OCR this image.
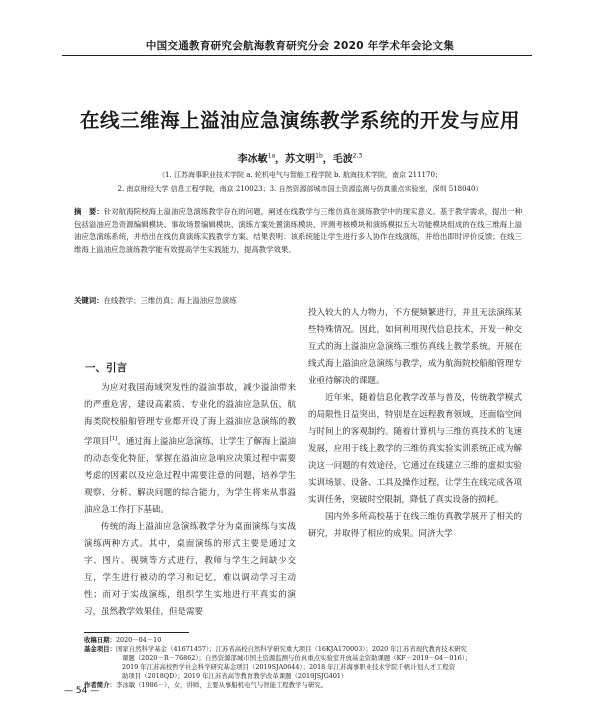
中国交通教育研究会航海教育研究分会 2020 年学术年会论文集
在线三维海上溢油应急演练教学系统的开发与应用
李冰敏$^{1a}$，苏文明$^{1b}$，毛波$^{2,3}$
（1. 江苏海事职业技术学院 a. 轮机电气与智能工程学院 b. 航海技术学院，南京 211170；
2. 南京财经大学 信息工程学院，南京 210023；3. 自然资源部城市国土资源监测与仿真重点实验室，深圳 518040）
摘　要：针对航海院校海上溢油应急演练教学存在的问题，阐述在线教学与三维仿真在演练教学中的现实意义。基于教学需求，提出一种包括溢油应急资源编辑模块、事故场景编辑模块、演练方案处置演练模块、评测考核模块和演练模拟五大功能模块组成的在线三维海上溢油应急演练系统，并给出在线仿真演练实践教学方案。结果表明：该系统能让学生进行多人协作在线演练，并给出即时评价反馈；在线三维海上溢油应急演练教学能有效提高学生实践能力，提高教学效果。
关键词：在线教学；三维仿真；海上溢油应急演练
一、引言

为应对我国海域突发性的溢油事故，减少溢油带来的严重危害，建设高素质、专业化的溢油应急队伍，航海类院校船舶管理专业都开设了海上溢油应急演练的教学项目[1]。通过海上溢油应急演练，让学生了解海上溢油的动态变化特征，掌握在溢油应急响应决策过程中需要考虑的因素以及应急过程中需要注意的问题，培养学生观察、分析、解决问题的综合能力，为学生将来从事溢油应急工作打下基础。

传统的海上溢油应急演练教学分为桌面演练与实战演练两种方式。其中，桌面演练的形式主要是通过文字、图片、视频等方式进行，教师与学生之间缺少交互，学生进行被动的学习和记忆，难以调动学习主动性；而对于实战演练，组织学生实地进行平真实的演习，虽然教学效果佳，但是需要

投入较大的人力物力，不方便频繁进行，并且无法演练某些特殊情况。因此，如何利用现代信息技术，开发一种交互式的海上溢油应急演练三维仿真线上教学系统，开展在线式海上溢油应急演练与教学，成为航海院校船舶管理专业亟待解决的课题。

近年来，随着信息化教学改革与普及，传统教学模式的局限性日益突出，特别是在远程教育领域，还面临空间与时间上的客观制约。随着计算机与三维仿真技术的飞速发展，应用于线上教学的三维仿真实验实训系统正成为解决这一问题的有效途径，它通过在线建立三维的虚拟实验实训场景、设备、工具及操作过程，让学生在线完成各项实训任务，突破时空限制，降低了真实设备的损耗。

国内外多所高校基于在线三维仿真教学展开了相关的研究，并取得了相应的成果。同济大学

收稿日期：2020－04－10
基金项目：国家自然科学基金（41671457）；江苏省高校自然科学研究重大项目（16KJA170003）；2020 年江苏省现代教育技术研究
课题（2020－R－76862）；自然资源部城市国土资源监测与仿真重点实验室开放基金资助课题（KF－2019－04－016）；
2019 年江苏高校哲学社会科学研究基金项目（2019SJA0644）；2018 年江苏海事职业技术学院千帆计划人才工程资
助项目（2018QD）；2019 年江苏省高等教育教学改革课题（2019JSJG401）
作者简介：李冰敏（1986－），女，讲师，主要从事船机电气与智能工程教学与研究。
— 54 —
